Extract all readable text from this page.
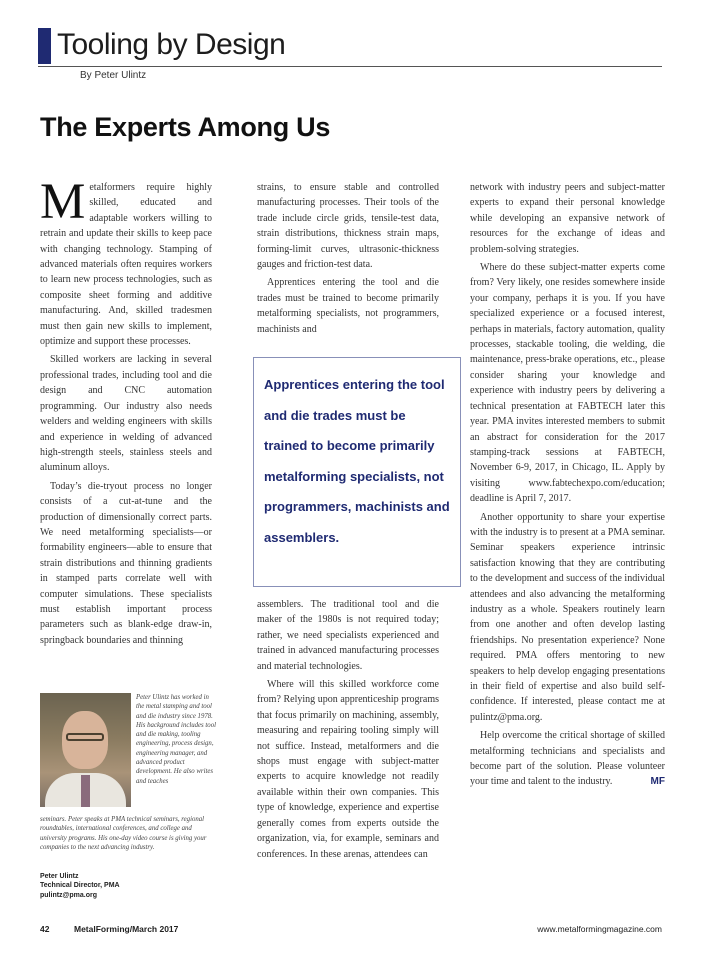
Tooling by Design
By Peter Ulintz
The Experts Among Us

Metalformers require highly skilled, educated and adaptable workers willing to retrain and update their skills to keep pace with changing technology. Stamping of advanced materials often requires workers to learn new process technologies, such as composite sheet forming and additive manufacturing. And, skilled tradesmen must then gain new skills to implement, optimize and support these processes.

Skilled workers are lacking in several professional trades, including tool and die design and CNC automation programming. Our industry also needs welders and welding engineers with skills and experience in welding of advanced high-strength steels, stainless steels and aluminum alloys.

Today’s die-tryout process no longer consists of a cut-at-tune and the production of dimensionally correct parts. We need metalforming specialists—or formability engineers—able to ensure that strain distributions and thinning gradients in stamped parts correlate well with computer simulations. These specialists must establish important process parameters such as blank-edge draw-in, springback boundaries and thinning

strains, to ensure stable and controlled manufacturing processes. Their tools of the trade include circle grids, tensile-test data, strain distributions, thickness strain maps, forming-limit curves, ultrasonic-thickness gauges and friction-test data.

Apprentices entering the tool and die trades must be trained to become primarily metalforming specialists, not programmers, machinists and

Apprentices entering the tool and die trades must be trained to become primarily metalforming specialists, not programmers, machinists and assemblers.

assemblers. The traditional tool and die maker of the 1980s is not required today; rather, we need specialists experienced and trained in advanced manufacturing processes and material technologies.

Where will this skilled workforce come from? Relying upon apprenticeship programs that focus primarily on machining, assembly, measuring and repairing tooling simply will not suffice. Instead, metalformers and die shops must engage with subject-matter experts to acquire knowledge not readily available within their own companies. This type of knowledge, experience and expertise generally comes from experts outside the organization, via, for example, seminars and conferences. In these arenas, attendees can

network with industry peers and subject-matter experts to expand their personal knowledge while developing an expansive network of resources for the exchange of ideas and problem-solving strategies.

Where do these subject-matter experts come from? Very likely, one resides somewhere inside your company, perhaps it is you. If you have specialized experience or a focused interest, perhaps in materials, factory automation, quality processes, stackable tooling, die welding, die maintenance, press-brake operations, etc., please consider sharing your knowledge and experience with industry peers by delivering a technical presentation at FABTECH later this year. PMA invites interested members to submit an abstract for consideration for the 2017 stamping-track sessions at FABTECH, November 6-9, 2017, in Chicago, IL. Apply by visiting www.fabtechexpo.com/education; deadline is April 7, 2017.

Another opportunity to share your expertise with the industry is to present at a PMA seminar. Seminar speakers experience intrinsic satisfaction knowing that they are contributing to the development and success of the individual attendees and also advancing the metalforming industry as a whole. Speakers routinely learn from one another and often develop lasting friendships. No presentation experience? None required. PMA offers mentoring to new speakers to help develop engaging presentations in their field of expertise and also build self-confidence. If interested, please contact me at pulintz@pma.org.

Help overcome the critical shortage of skilled metalforming technicians and specialists and become part of the solution. Please volunteer your time and talent to the industry.	MF

Peter Ulintz has worked in the metal stamping and tool and die industry since 1978. His background includes tool and die making, tooling engineering, process design, engineering manager, and advanced product development. He also writes and teaches
seminars. Peter speaks at PMA technical seminars, regional roundtables, international conferences, and college and university programs. His one-day video course is giving your companies to the next advancing industry.
Peter Ulintz
Technical Director, PMA
pulintz@pma.org
42	MetalForming/March 2017	www.metalformingmagazine.com
